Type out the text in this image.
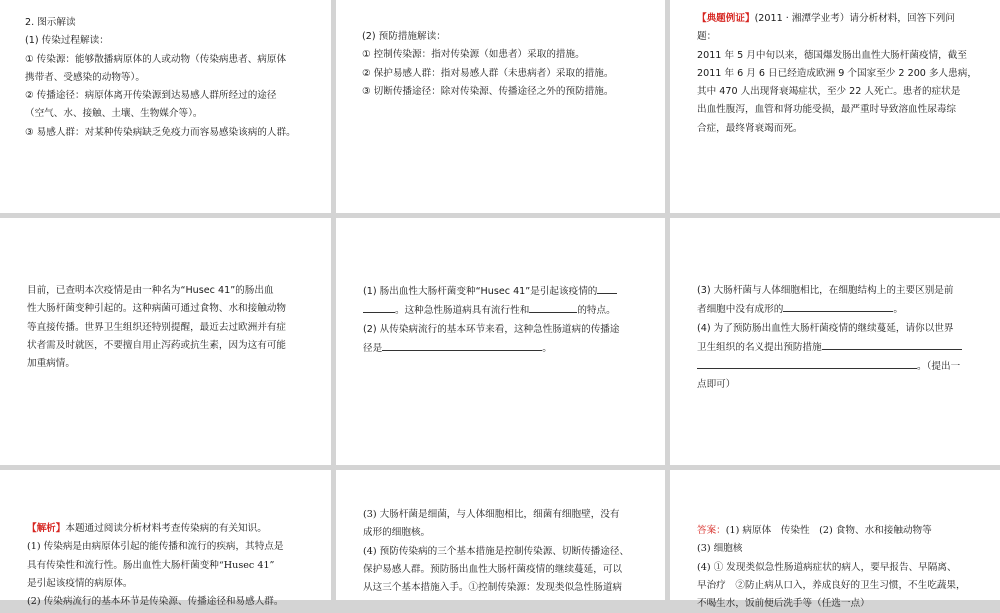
2. 图示解读

(1) 传染过程解读：

① 传染源：能够散播病原体的人或动物（传染病患者、病原体

携带者、受感染的动物等）。

② 传播途径：病原体离开传染源到达易感人群所经过的途径

（空气、水、接触、土壤、生物媒介等）。

③ 易感人群：对某种传染病缺乏免疫力而容易感染该病的人群。

(2) 预防措施解读：

① 控制传染源：指对传染源（如患者）采取的措施。

② 保护易感人群：指对易感人群（未患病者）采取的措施。

③ 切断传播途径：除对传染源、传播途径之外的预防措施。

【典题例证】(2011 · 湘潭学业考）请分析材料，回答下列问

题：

2011 年 5 月中旬以来，德国爆发肠出血性大肠杆菌疫情，截至

2011 年 6 月 6 日已经造成欧洲 9 个国家至少 2 200 多人患病，

其中 470 人出现肾衰竭症状，至少 22 人死亡。患者的症状是

出血性腹泻，血管和肾功能受损，最严重时导致溶血性尿毒综

合症，最终肾衰竭而死。

目前，已查明本次疫情是由一种名为“Husec 41”的肠出血

性大肠杆菌变种引起的。这种病菌可通过食物、水和接触动物

等直接传播。世界卫生组织还特别提醒，最近去过欧洲并有症

状者需及时就医，不要擅自用止泻药或抗生素，因为这有可能

加重病情。

(1) 肠出血性大肠杆菌变种“Husec 41”是引起该疫情的

。这种急性肠道病具有流行性和	的特点。

(2) 从传染病流行的基本环节来看，这种急性肠道病的传播途

径是	。

(3) 大肠杆菌与人体细胞相比，在细胞结构上的主要区别是前

者细胞中没有成形的	。

(4) 为了预防肠出血性大肠杆菌疫情的继续蔓延，请你以世界

卫生组织的名义提出预防措施

。（提出一

点即可）

【解析】本题通过阅读分析材料考查传染病的有关知识。

(1) 传染病是由病原体引起的能传播和流行的疾病，其特点是

具有传染性和流行性。肠出血性大肠杆菌变种“Husec 41”

是引起该疫情的病原体。

(2) 传染病流行的基本环节是传染源、传播途径和易感人群。

(3) 大肠杆菌是细菌，与人体细胞相比，细菌有细胞壁，没有

成形的细胞核。

(4) 预防传染病的三个基本措施是控制传染源、切断传播途径、

保护易感人群。预防肠出血性大肠杆菌疫情的继续蔓延，可以

从这三个基本措施入手。①控制传染源：发现类似急性肠道病

答案：(1) 病原体　传染性　(2) 食物、水和接触动物等

(3) 细胞核

(4) ① 发现类似急性肠道病症状的病人，要早报告、早隔离、

早治疗　②防止病从口入，养成良好的卫生习惯，不生吃蔬果，

不喝生水，饭前便后洗手等（任选一点）
